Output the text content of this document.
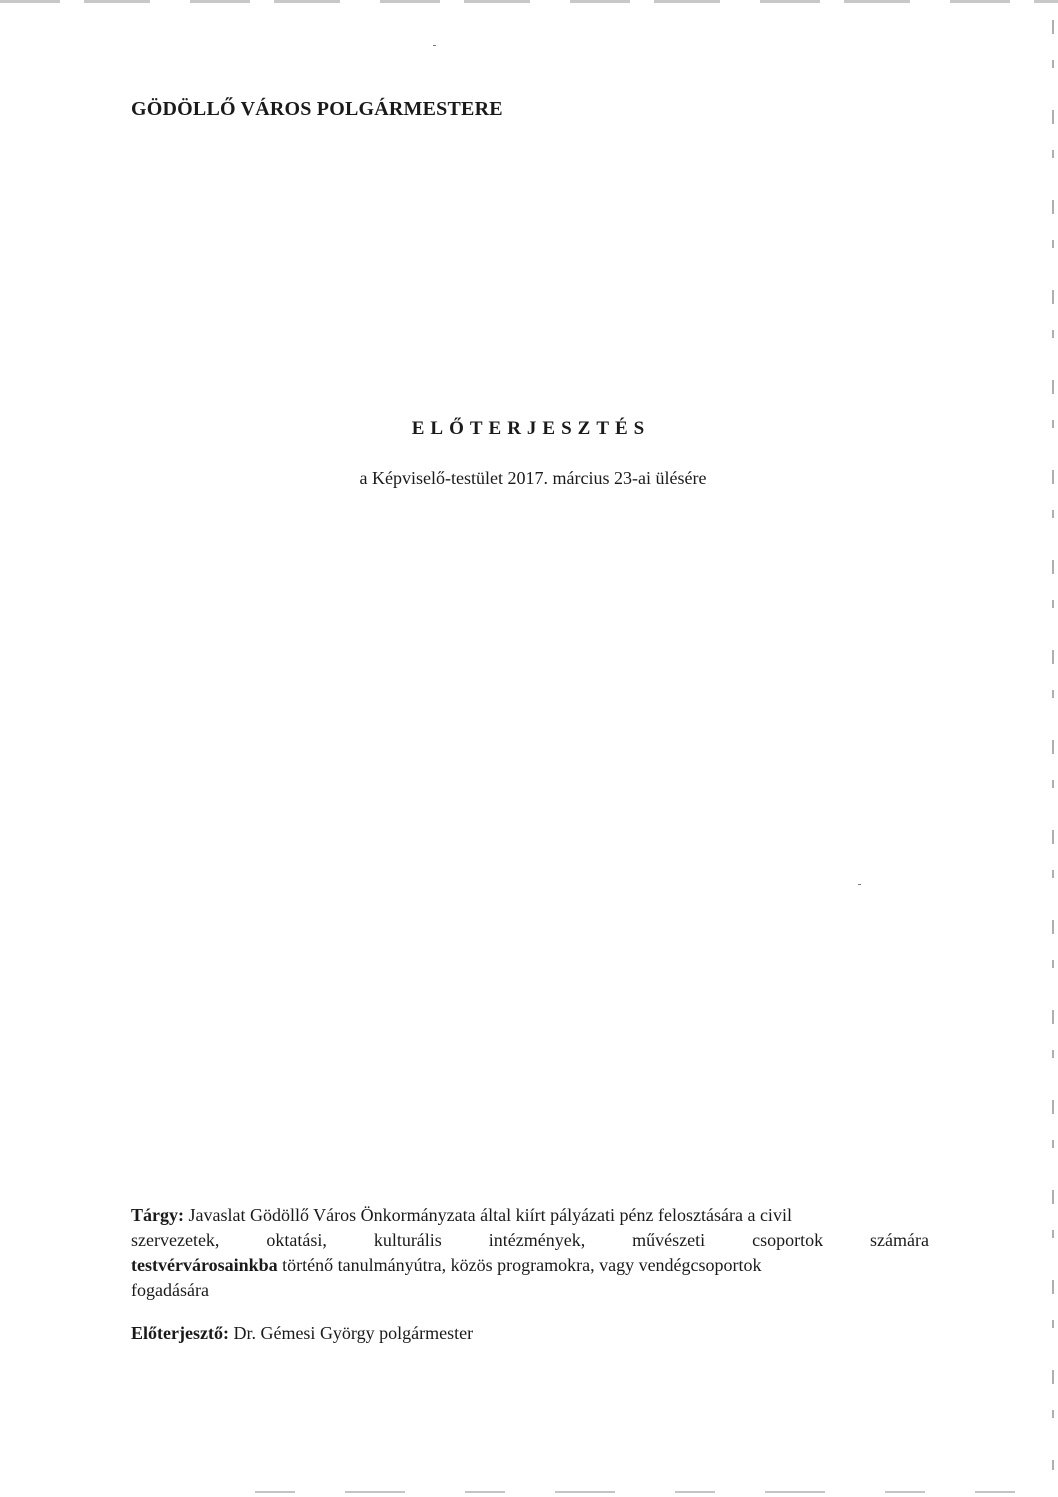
GÖDÖLLŐ VÁROS POLGÁRMESTERE
ELŐTERJESZTÉS
a Képviselő-testület 2017. március 23-ai ülésére
Tárgy: Javaslat Gödöllő Város Önkormányzata által kiírt pályázati pénz felosztására a civil
szervezetek,	oktatási,	kulturális	intézmények,	művészeti	csoportok	számára
testvérvárosainkba történő tanulmányútra, közös programokra, vagy vendégcsoportok
fogadására
Előterjesztő: Dr. Gémesi György polgármester
